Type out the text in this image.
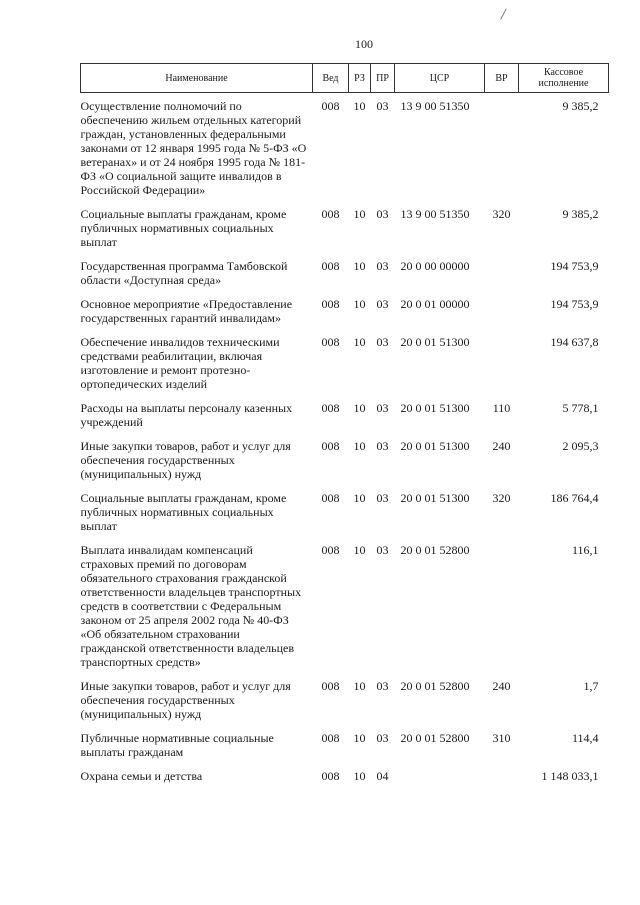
100
Наименование	Вед	РЗ	ПР	ЦСР	ВР	Кассовое исполнение
Осуществление полномочий по обеспечению жильем отдельных категорий граждан, установленных федеральными законами от 12 января 1995 года № 5-ФЗ «О ветеранах» и от 24 ноября 1995 года № 181-ФЗ «О социальной защите инвалидов в Российской Федерации»	008	10	03	13 9 00 51350		9 385,2
Социальные выплаты гражданам, кроме публичных нормативных социальных выплат	008	10	03	13 9 00 51350	320	9 385,2
Государственная программа Тамбовской области «Доступная среда»	008	10	03	20 0 00 00000		194 753,9
Основное мероприятие «Предоставление государственных гарантий инвалидам»	008	10	03	20 0 01 00000		194 753,9
Обеспечение инвалидов техническими средствами реабилитации, включая изготовление и ремонт протезно-ортопедических изделий	008	10	03	20 0 01 51300		194 637,8
Расходы на выплаты персоналу казенных учреждений	008	10	03	20 0 01 51300	110	5 778,1
Иные закупки товаров, работ и услуг для обеспечения государственных (муниципальных) нужд	008	10	03	20 0 01 51300	240	2 095,3
Социальные выплаты гражданам, кроме публичных нормативных социальных выплат	008	10	03	20 0 01 51300	320	186 764,4
Выплата инвалидам компенсаций страховых премий по договорам обязательного страхования гражданской ответственности владельцев транспортных средств в соответствии с Федеральным законом от 25 апреля 2002 года № 40-ФЗ «Об обязательном страховании гражданской ответственности владельцев транспортных средств»	008	10	03	20 0 01 52800		116,1
Иные закупки товаров, работ и услуг для обеспечения государственных (муниципальных) нужд	008	10	03	20 0 01 52800	240	1,7
Публичные нормативные социальные выплаты гражданам	008	10	03	20 0 01 52800	310	114,4
Охрана семьи и детства	008	10	04			1 148 033,1
